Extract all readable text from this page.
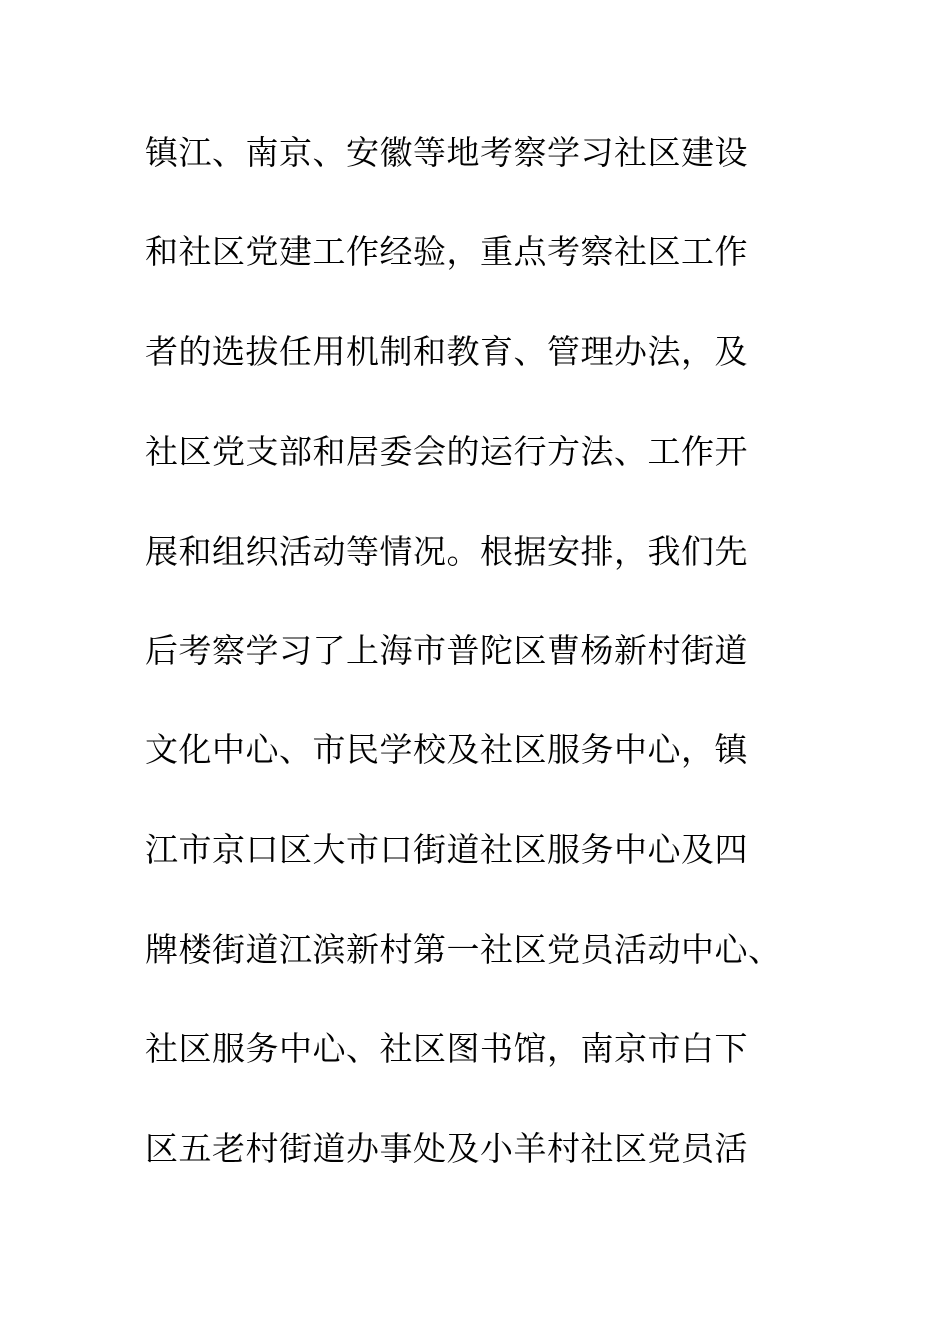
镇江、南京、安徽等地考察学习社区建设
和社区党建工作经验，重点考察社区工作
者的选拔任用机制和教育、管理办法，及
社区党支部和居委会的运行方法、工作开
展和组织活动等情况。根据安排，我们先
后考察学习了上海市普陀区曹杨新村街道
文化中心、市民学校及社区服务中心，镇
江市京口区大市口街道社区服务中心及四
牌楼街道江滨新村第一社区党员活动中心、
社区服务中心、社区图书馆，南京市白下
区五老村街道办事处及小羊村社区党员活
